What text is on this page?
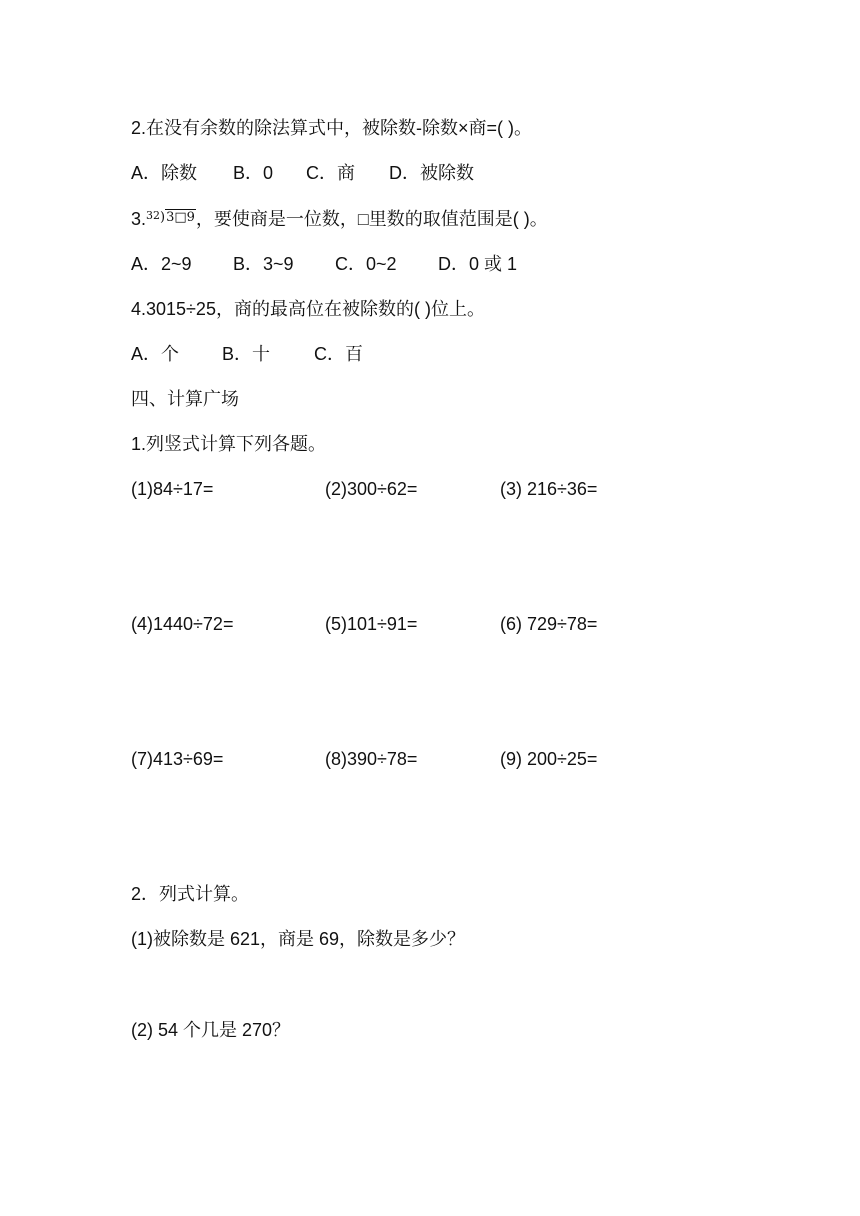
2.在没有余数的除法算式中，被除数-除数×商=( )。
A．除数 B．0 C．商 D．被除数
3.$^{32)3□9}$，要使商是一位数，□里数的取值范围是( )。
A．2~9 B．3~9 C．0~2 D．0 或 1
4.3015÷25，商的最高位在被除数的( )位上。
A．个 B．十 C．百
四、计算广场
1.列竖式计算下列各题。
(1)84÷17=	(2)300÷62=	(3) 216÷36=
(4)1440÷72=	(5)101÷91=	(6) 729÷78=
(7)413÷69=	(8)390÷78=	(9) 200÷25=
2．列式计算。
(1)被除数是 621，商是 69，除数是多少？
(2) 54 个几是 270？
